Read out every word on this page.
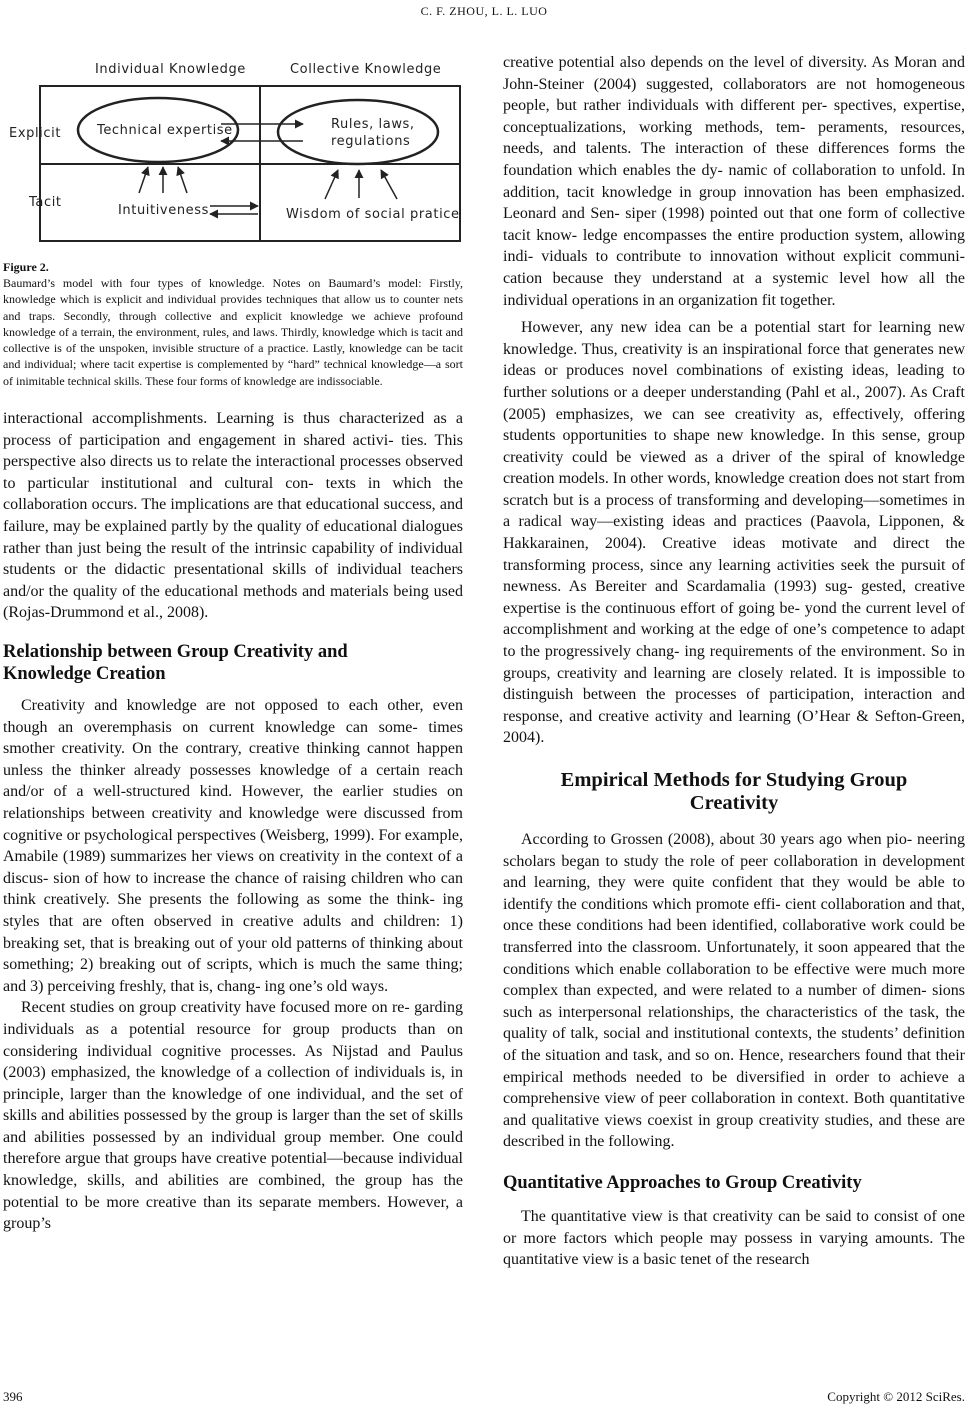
C. F. ZHOU, L. L. LUO
Individual Knowledge	Collective Knowledge
Explicit
Tacit
Technical expertise	Rules, laws,
regulations
Intuitiveness	Wisdom of social pratice
Figure 2.
Baumard’s model with four types of knowledge. Notes on Baumard’s model: Firstly, knowledge which is explicit and individual provides techniques that allow us to counter nets and traps. Secondly, through collective and explicit knowledge we achieve profound knowledge of a terrain, the environment, rules, and laws. Thirdly, knowledge which is tacit and collective is of the unspoken, invisible structure of a practice. Lastly, knowledge can be tacit and individual; where tacit expertise is complemented by “hard” technical knowledge—a sort of inimitable technical skills. These four forms of knowledge are indissociable.

interactional accomplishments. Learning is thus characterized as a process of participation and engagement in shared activi- ties. This perspective also directs us to relate the interactional processes observed to particular institutional and cultural con- texts in which the collaboration occurs. The implications are that educational success, and failure, may be explained partly by the quality of educational dialogues rather than just being the result of the intrinsic capability of individual students or the didactic presentational skills of individual teachers and/or the quality of the educational methods and materials being used (Rojas-Drummond et al., 2008).

Relationship between Group Creativity and
Knowledge Creation

Creativity and knowledge are not opposed to each other, even though an overemphasis on current knowledge can some- times smother creativity. On the contrary, creative thinking cannot happen unless the thinker already possesses knowledge of a certain reach and/or of a well-structured kind. However, the earlier studies on relationships between creativity and knowledge were discussed from cognitive or psychological perspectives (Weisberg, 1999). For example, Amabile (1989) summarizes her views on creativity in the context of a discus- sion of how to increase the chance of raising children who can think creatively. She presents the following as some the think- ing styles that are often observed in creative adults and children: 1) breaking set, that is breaking out of your old patterns of thinking about something; 2) breaking out of scripts, which is much the same thing; and 3) perceiving freshly, that is, chang- ing one’s old ways.

Recent studies on group creativity have focused more on re- garding individuals as a potential resource for group products than on considering individual cognitive processes. As Nijstad and Paulus (2003) emphasized, the knowledge of a collection of individuals is, in principle, larger than the knowledge of one individual, and the set of skills and abilities possessed by the group is larger than the set of skills and abilities possessed by an individual group member. One could therefore argue that groups have creative potential—because individual knowledge, skills, and abilities are combined, the group has the potential to be more creative than its separate members. However, a group’s

creative potential also depends on the level of diversity. As Moran and John-Steiner (2004) suggested, collaborators are not homogeneous people, but rather individuals with different per- spectives, expertise, conceptualizations, working methods, tem- peraments, resources, needs, and talents. The interaction of these differences forms the foundation which enables the dy- namic of collaboration to unfold. In addition, tacit knowledge in group innovation has been emphasized. Leonard and Sen- siper (1998) pointed out that one form of collective tacit know- ledge encompasses the entire production system, allowing indi- viduals to contribute to innovation without explicit communi- cation because they understand at a systemic level how all the individual operations in an organization fit together.

However, any new idea can be a potential start for learning new knowledge. Thus, creativity is an inspirational force that generates new ideas or produces novel combinations of existing ideas, leading to further solutions or a deeper understanding (Pahl et al., 2007). As Craft (2005) emphasizes, we can see creativity as, effectively, offering students opportunities to shape new knowledge. In this sense, group creativity could be viewed as a driver of the spiral of knowledge creation models. In other words, knowledge creation does not start from scratch but is a process of transforming and developing—sometimes in a radical way—existing ideas and practices (Paavola, Lipponen, & Hakkarainen, 2004). Creative ideas motivate and direct the transforming process, since any learning activities seek the pursuit of newness. As Bereiter and Scardamalia (1993) sug- gested, creative expertise is the continuous effort of going be- yond the current level of accomplishment and working at the edge of one’s competence to adapt to the progressively chang- ing requirements of the environment. So in groups, creativity and learning are closely related. It is impossible to distinguish between the processes of participation, interaction and response, and creative activity and learning (O’Hear & Sefton-Green, 2004).

Empirical Methods for Studying Group
Creativity

According to Grossen (2008), about 30 years ago when pio- neering scholars began to study the role of peer collaboration in development and learning, they were quite confident that they would be able to identify the conditions which promote effi- cient collaboration and that, once these conditions had been identified, collaborative work could be transferred into the classroom. Unfortunately, it soon appeared that the conditions which enable collaboration to be effective were much more complex than expected, and were related to a number of dimen- sions such as interpersonal relationships, the characteristics of the task, the quality of talk, social and institutional contexts, the students’ definition of the situation and task, and so on. Hence, researchers found that their empirical methods needed to be diversified in order to achieve a comprehensive view of peer collaboration in context. Both quantitative and qualitative views coexist in group creativity studies, and these are described in the following.

Quantitative Approaches to Group Creativity

The quantitative view is that creativity can be said to consist of one or more factors which people may possess in varying amounts. The quantitative view is a basic tenet of the research

396	Copyright © 2012 SciRes.
